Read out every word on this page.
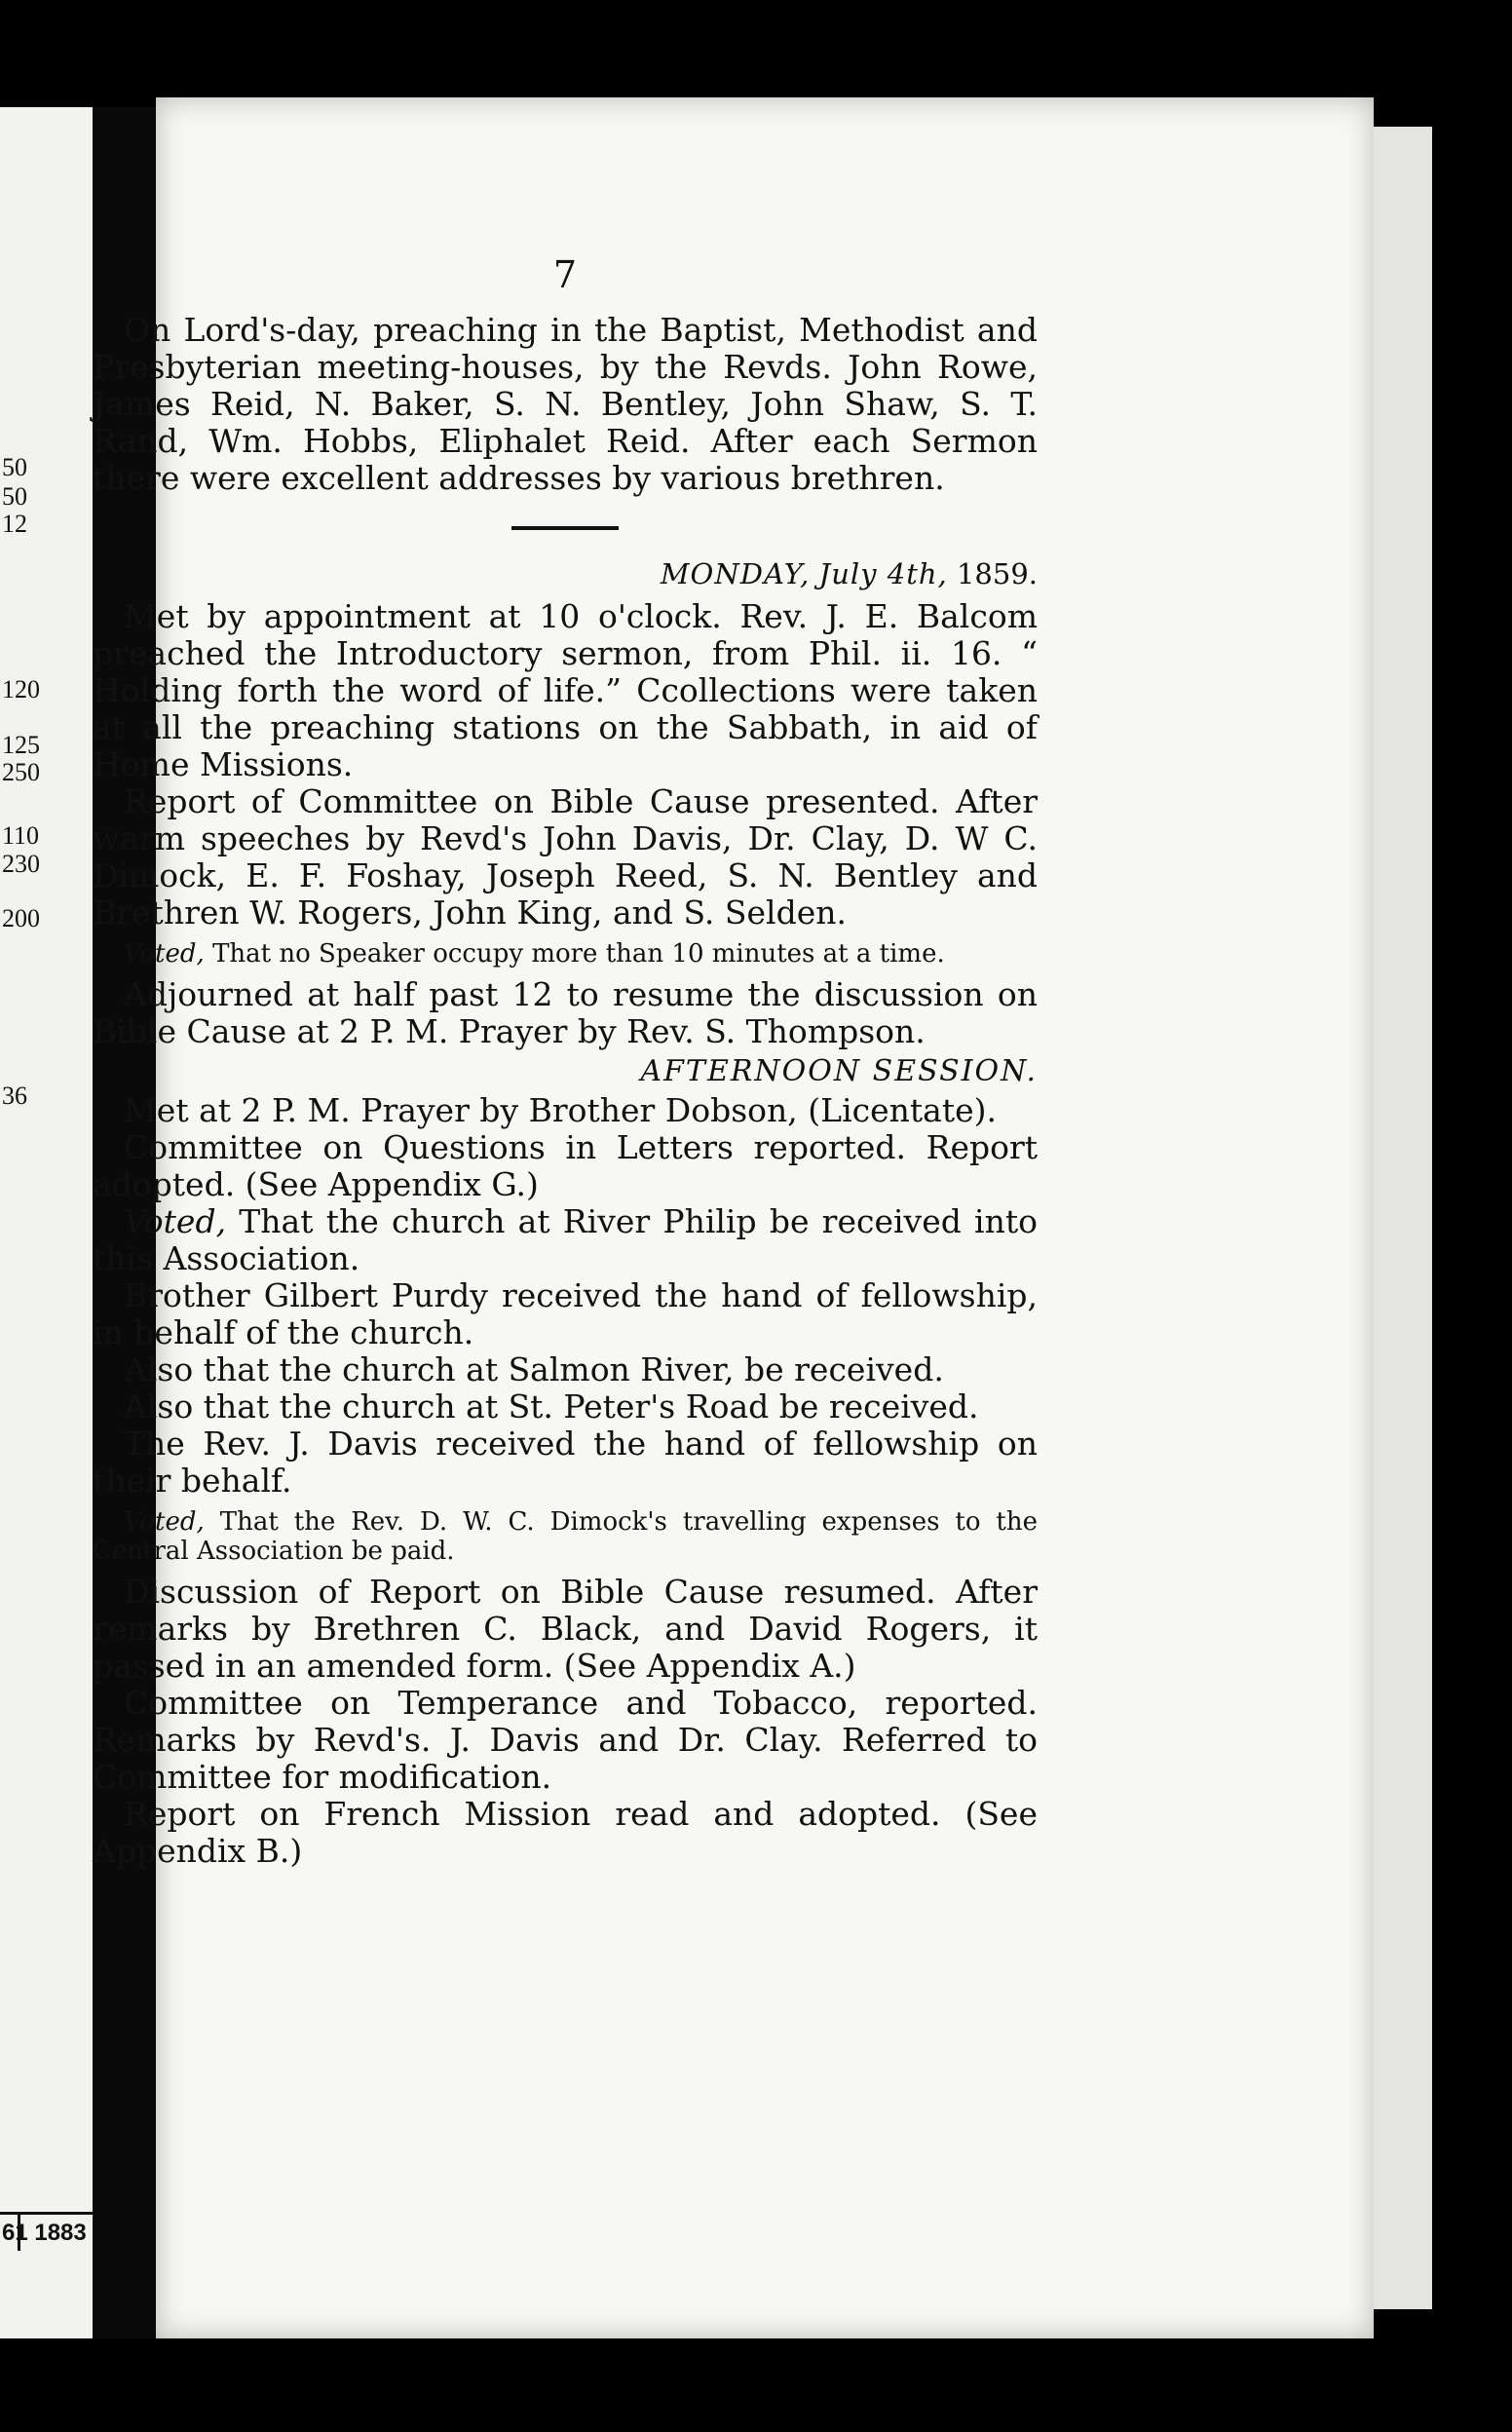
50
50
12
120
125
250
110
230
200
36
61 1883
7

On Lord's-day, preaching in the Baptist, Methodist and Presbyterian meeting-houses, by the Revds. John Rowe, James Reid, N. Baker, S. N. Bentley, John Shaw, S. T. Rand, Wm. Hobbs, Eliphalet Reid. After each Sermon there were excellent addresses by various brethren.

MONDAY, July 4th, 1859.

Met by appointment at 10 o'clock. Rev. J. E. Balcom preached the Introductory sermon, from Phil. ii. 16. “ Holding forth the word of life.” Ccollections were taken at all the preaching stations on the Sabbath, in aid of Home Missions.

Report of Committee on Bible Cause presented. After warm speeches by Revd's John Davis, Dr. Clay, D. W C. Dimock, E. F. Foshay, Joseph Reed, S. N. Bentley and Brethren W. Rogers, John King, and S. Selden.

Voted, That no Speaker occupy more than 10 minutes at a time.

Adjourned at half past 12 to resume the discussion on Bible Cause at 2 P. M. Prayer by Rev. S. Thompson.

AFTERNOON SESSION.

Met at 2 P. M. Prayer by Brother Dobson, (Licentate).

Committee on Questions in Letters reported. Report adopted. (See Appendix G.)

Voted, That the church at River Philip be received into this Association.

Brother Gilbert Purdy received the hand of fellowship, in behalf of the church.

Also that the church at Salmon River, be received.

Also that the church at St. Peter's Road be received.

The Rev. J. Davis received the hand of fellowship on their behalf.

Voted, That the Rev. D. W. C. Dimock's travelling expenses to the Central Association be paid.

Discussion of Report on Bible Cause resumed. After remarks by Brethren C. Black, and David Rogers, it passed in an amended form. (See Appendix A.)

Committee on Temperance and Tobacco, reported. Remarks by Revd's. J. Davis and Dr. Clay. Referred to Committee for modification.

Report on French Mission read and adopted. (See Appendix B.)
